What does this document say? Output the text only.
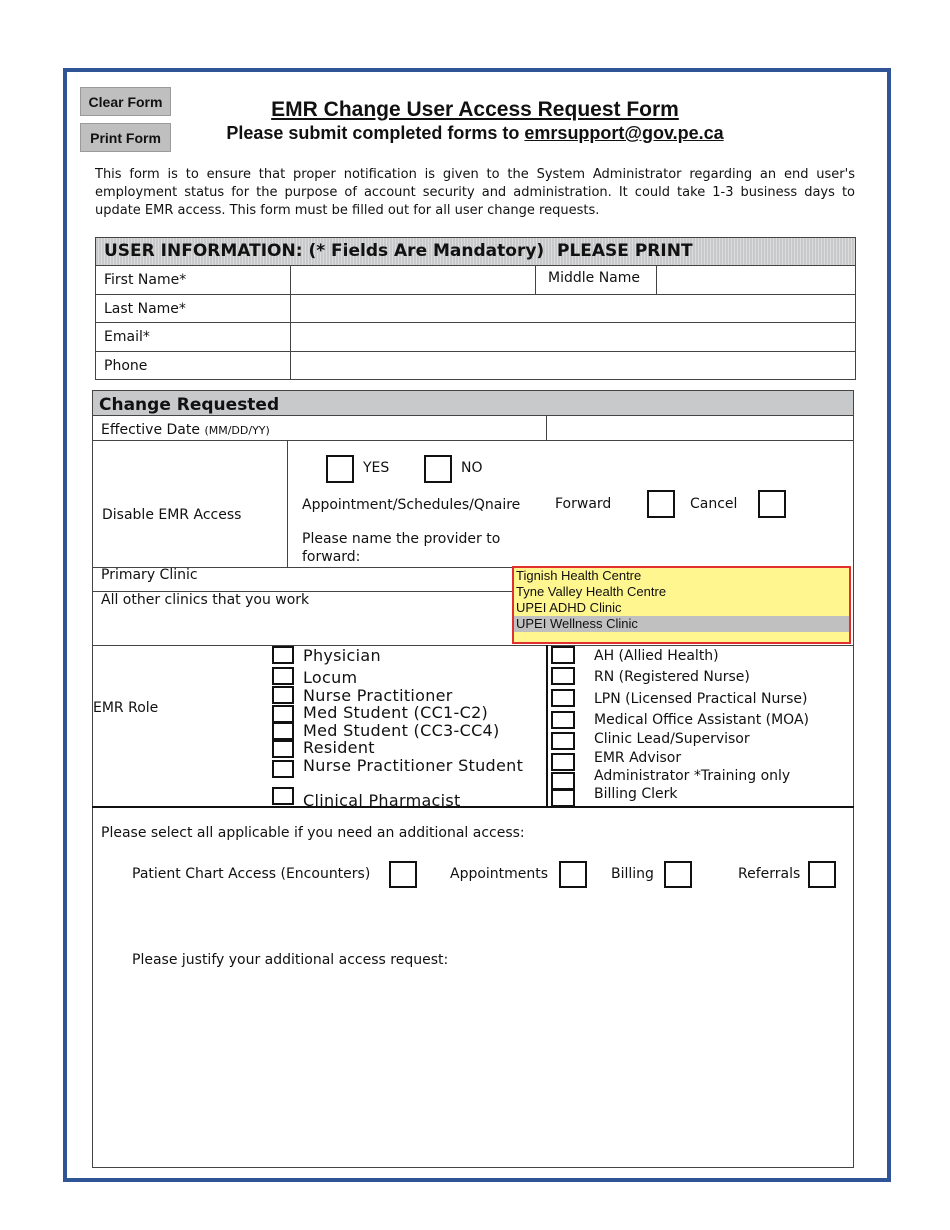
Clear Form
Print Form
EMR Change User Access Request Form
Please submit completed forms to emrsupport@gov.pe.ca
This form is to ensure that proper notification is given to the System Administrator regarding an end user's employment status for the purpose of account security and administration. It could take 1-3 business days to update EMR access. This form must be filled out for all user change requests.
USER INFORMATION: (* Fields Are Mandatory) PLEASE PRINT
First Name*	Middle Name
Last Name*
Email*
Phone
Change Requested
Effective Date (MM/DD/YY)
Disable EMR Access
YES	NO
Appointment/Schedules/Qnaire Forward	Cancel
Please name the provider to
forward:
Primary Clinic
All other clinics that you work
Tignish Health Centre
Tyne Valley Health Centre
UPEI ADHD Clinic
UPEI Wellness Clinic
EMR Role
Physician
Locum
Nurse Practitioner
Med Student (CC1-C2)
Med Student (CC3-CC4)
Resident
Nurse Practitioner Student
Clinical Pharmacist
AH (Allied Health)
RN (Registered Nurse)
LPN (Licensed Practical Nurse)
Medical Office Assistant (MOA)
Clinic Lead/Supervisor
EMR Advisor
Administrator *Training only
Billing Clerk
Please select all applicable if you need an additional access:
Patient Chart Access (Encounters)	Appointments	Billing	Referrals
Please justify your additional access request:
